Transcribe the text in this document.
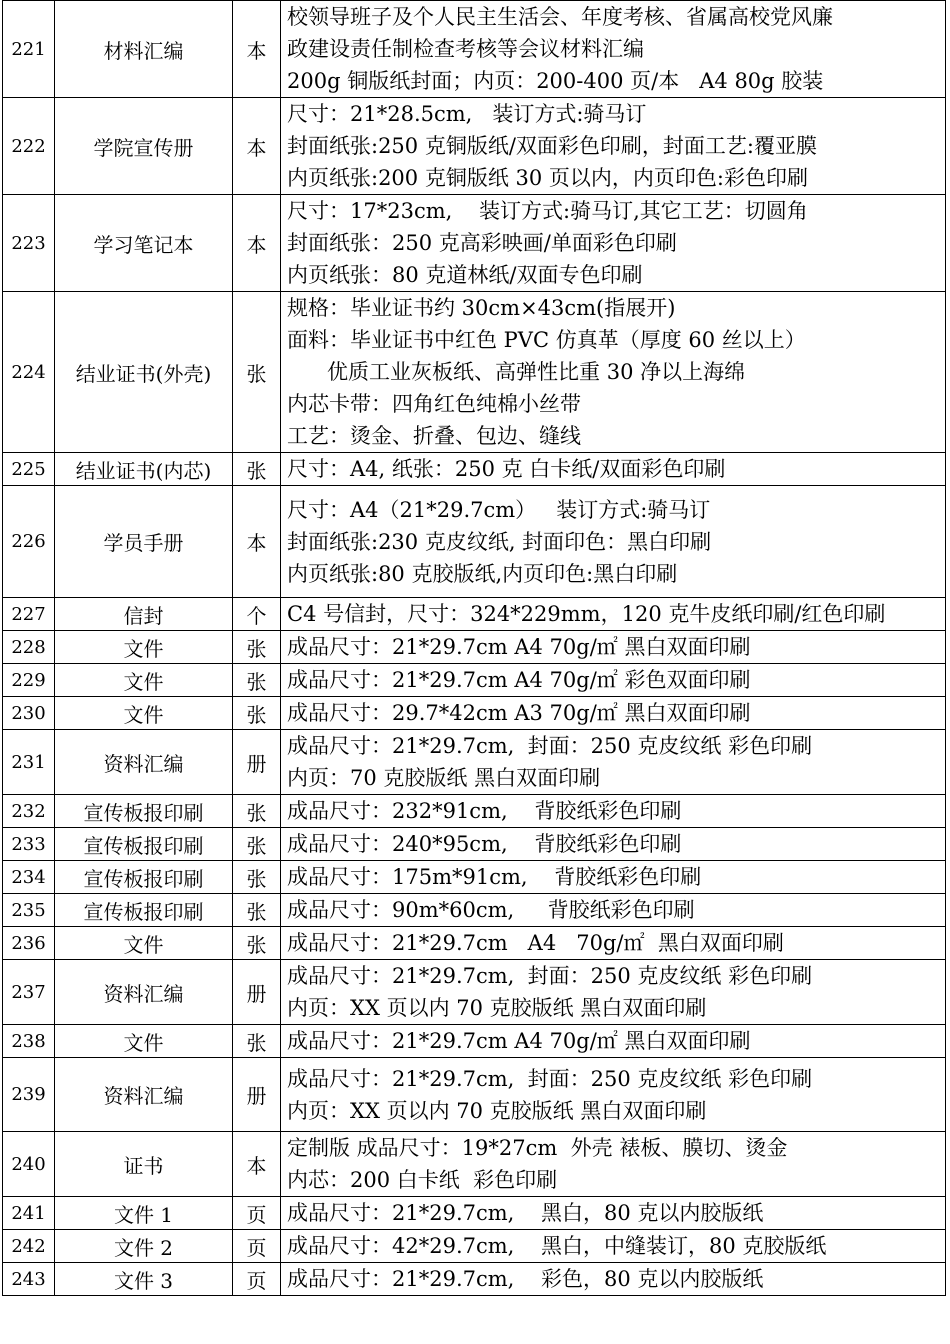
221	材料汇编	本	校领导班子及个人民主生活会、年度考核、省属高校党风廉
政建设责任制检查考核等会议材料汇编
200g 铜版纸封面；内页：200-400 页/本   A4 80g 胶装

222	学院宣传册	本	尺寸：21*28.5cm,   装订方式:骑马订
封面纸张:250 克铜版纸/双面彩色印刷，封面工艺:覆亚膜
内页纸张:200 克铜版纸 30 页以内，内页印色:彩色印刷

223	学习笔记本	本	尺寸：17*23cm,    装订方式:骑马订,其它工艺：切圆角
封面纸张：250 克高彩映画/单面彩色印刷
内页纸张：80 克道林纸/双面专色印刷

224	结业证书(外壳)	张	规格：毕业证书约 30cm×43cm(指展开)
面料：毕业证书中红色 PVC 仿真革（厚度 60 丝以上）
优质工业灰板纸、高弹性比重 30 净以上海绵
内芯卡带：四角红色纯棉小丝带
工艺：烫金、折叠、包边、缝线

225	结业证书(内芯)	张	尺寸：A4, 纸张：250 克 白卡纸/双面彩色印刷

226	学员手册	本	尺寸：A4（21*29.7cm）   装订方式:骑马订
封面纸张:230 克皮纹纸, 封面印色：黑白印刷
内页纸张:80 克胶版纸,内页印色:黑白印刷

227	信封	个	C4 号信封，尺寸：324*229mm，120 克牛皮纸印刷/红色印刷

228	文件	张	成品尺寸：21*29.7cm A4 70g/㎡ 黑白双面印刷

229	文件	张	成品尺寸：21*29.7cm A4 70g/㎡ 彩色双面印刷

230	文件	张	成品尺寸：29.7*42cm A3 70g/㎡ 黑白双面印刷

231	资料汇编	册	成品尺寸：21*29.7cm,  封面：250 克皮纹纸 彩色印刷
内页：70 克胶版纸 黑白双面印刷

232	宣传板报印刷	张	成品尺寸：232*91cm,    背胶纸彩色印刷

233	宣传板报印刷	张	成品尺寸：240*95cm,    背胶纸彩色印刷

234	宣传板报印刷	张	成品尺寸：175m*91cm,    背胶纸彩色印刷

235	宣传板报印刷	张	成品尺寸：90m*60cm,     背胶纸彩色印刷

236	文件	张	成品尺寸：21*29.7cm   A4   70g/㎡  黑白双面印刷

237	资料汇编	册	成品尺寸：21*29.7cm,  封面：250 克皮纹纸 彩色印刷
内页：XX 页以内 70 克胶版纸 黑白双面印刷

238	文件	张	成品尺寸：21*29.7cm A4 70g/㎡ 黑白双面印刷

239	资料汇编	册	成品尺寸：21*29.7cm,  封面：250 克皮纹纸 彩色印刷
内页：XX 页以内 70 克胶版纸 黑白双面印刷

240	证书	本	定制版 成品尺寸：19*27cm  外壳 裱板、膜切、烫金
内芯：200 白卡纸  彩色印刷

241	文件 1	页	成品尺寸：21*29.7cm,    黑白，80 克以内胶版纸

242	文件 2	页	成品尺寸：42*29.7cm,    黑白，中缝装订，80 克胶版纸

243	文件 3	页	成品尺寸：21*29.7cm,    彩色，80 克以内胶版纸
